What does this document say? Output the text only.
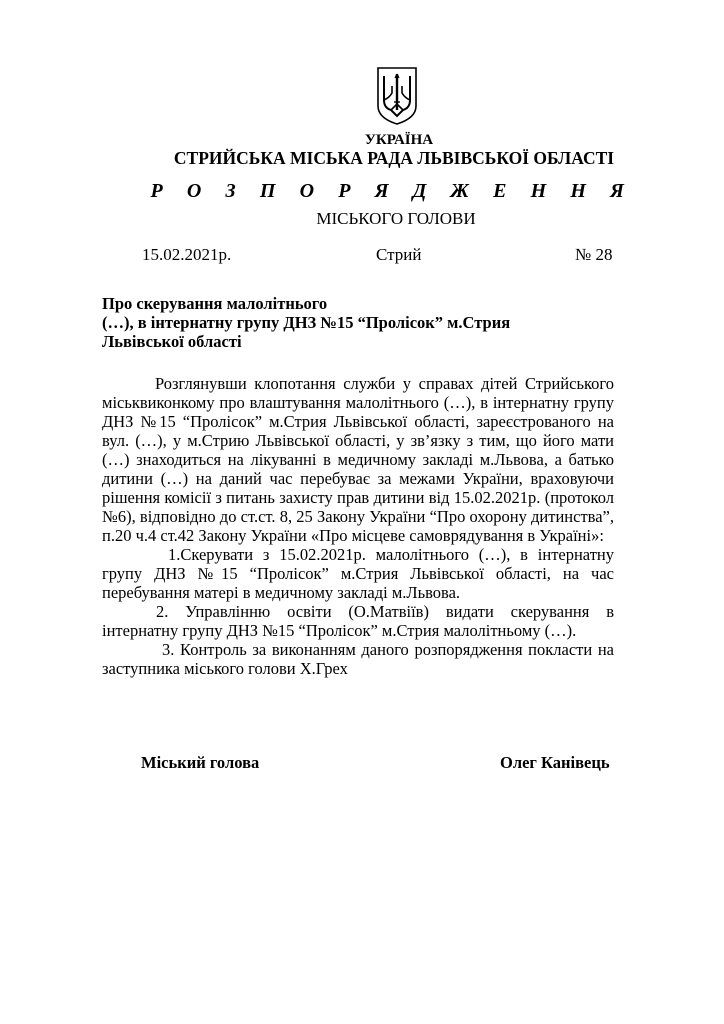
УКРАЇНА

СТРИЙСЬКА МІСЬКА РАДА ЛЬВІВСЬКОЇ ОБЛАСТІ

Р О З П О Р Я Д Ж Е Н Н Я

МІСЬКОГО ГОЛОВИ

15.02.2021р.	Стрий	№ 28
Про скерування малолітнього
(…), в інтернатну групу ДНЗ №15 “Пролісок” м.Стрия
Львівської області

Розглянувши клопотання служби у справах дітей Стрийського міськвиконкому про влаштування малолітнього (…), в інтернатну групу ДНЗ №15 “Пролісок” м.Стрия Львівської області, зареєстрованого на вул. (…), у м.Стрию Львівської області, у зв’язку з тим, що його мати (…) знаходиться на лікуванні в медичному закладі м.Львова, а батько дитини (…) на даний час перебуває за межами України, враховуючи рішення комісії з питань захисту прав дитини від 15.02.2021р. (протокол №6), відповідно до ст.ст. 8, 25 Закону України “Про охорону дитинства”, п.20 ч.4 ст.42 Закону України «Про місцеве самоврядування в Україні»:

1.Скерувати з 15.02.2021р. малолітнього (…), в інтернатну групу ДНЗ №15 “Пролісок” м.Стрия Львівської області, на час перебування матері в медичному закладі м.Львова.

2. Управлінню освіти (О.Матвіїв) видати скерування в інтернатну групу ДНЗ №15 “Пролісок” м.Стрия малолітньому (…).

3. Контроль за виконанням даного розпорядження покласти на заступника міського голови Х.Грех

Міський голова	Олег Канівець
